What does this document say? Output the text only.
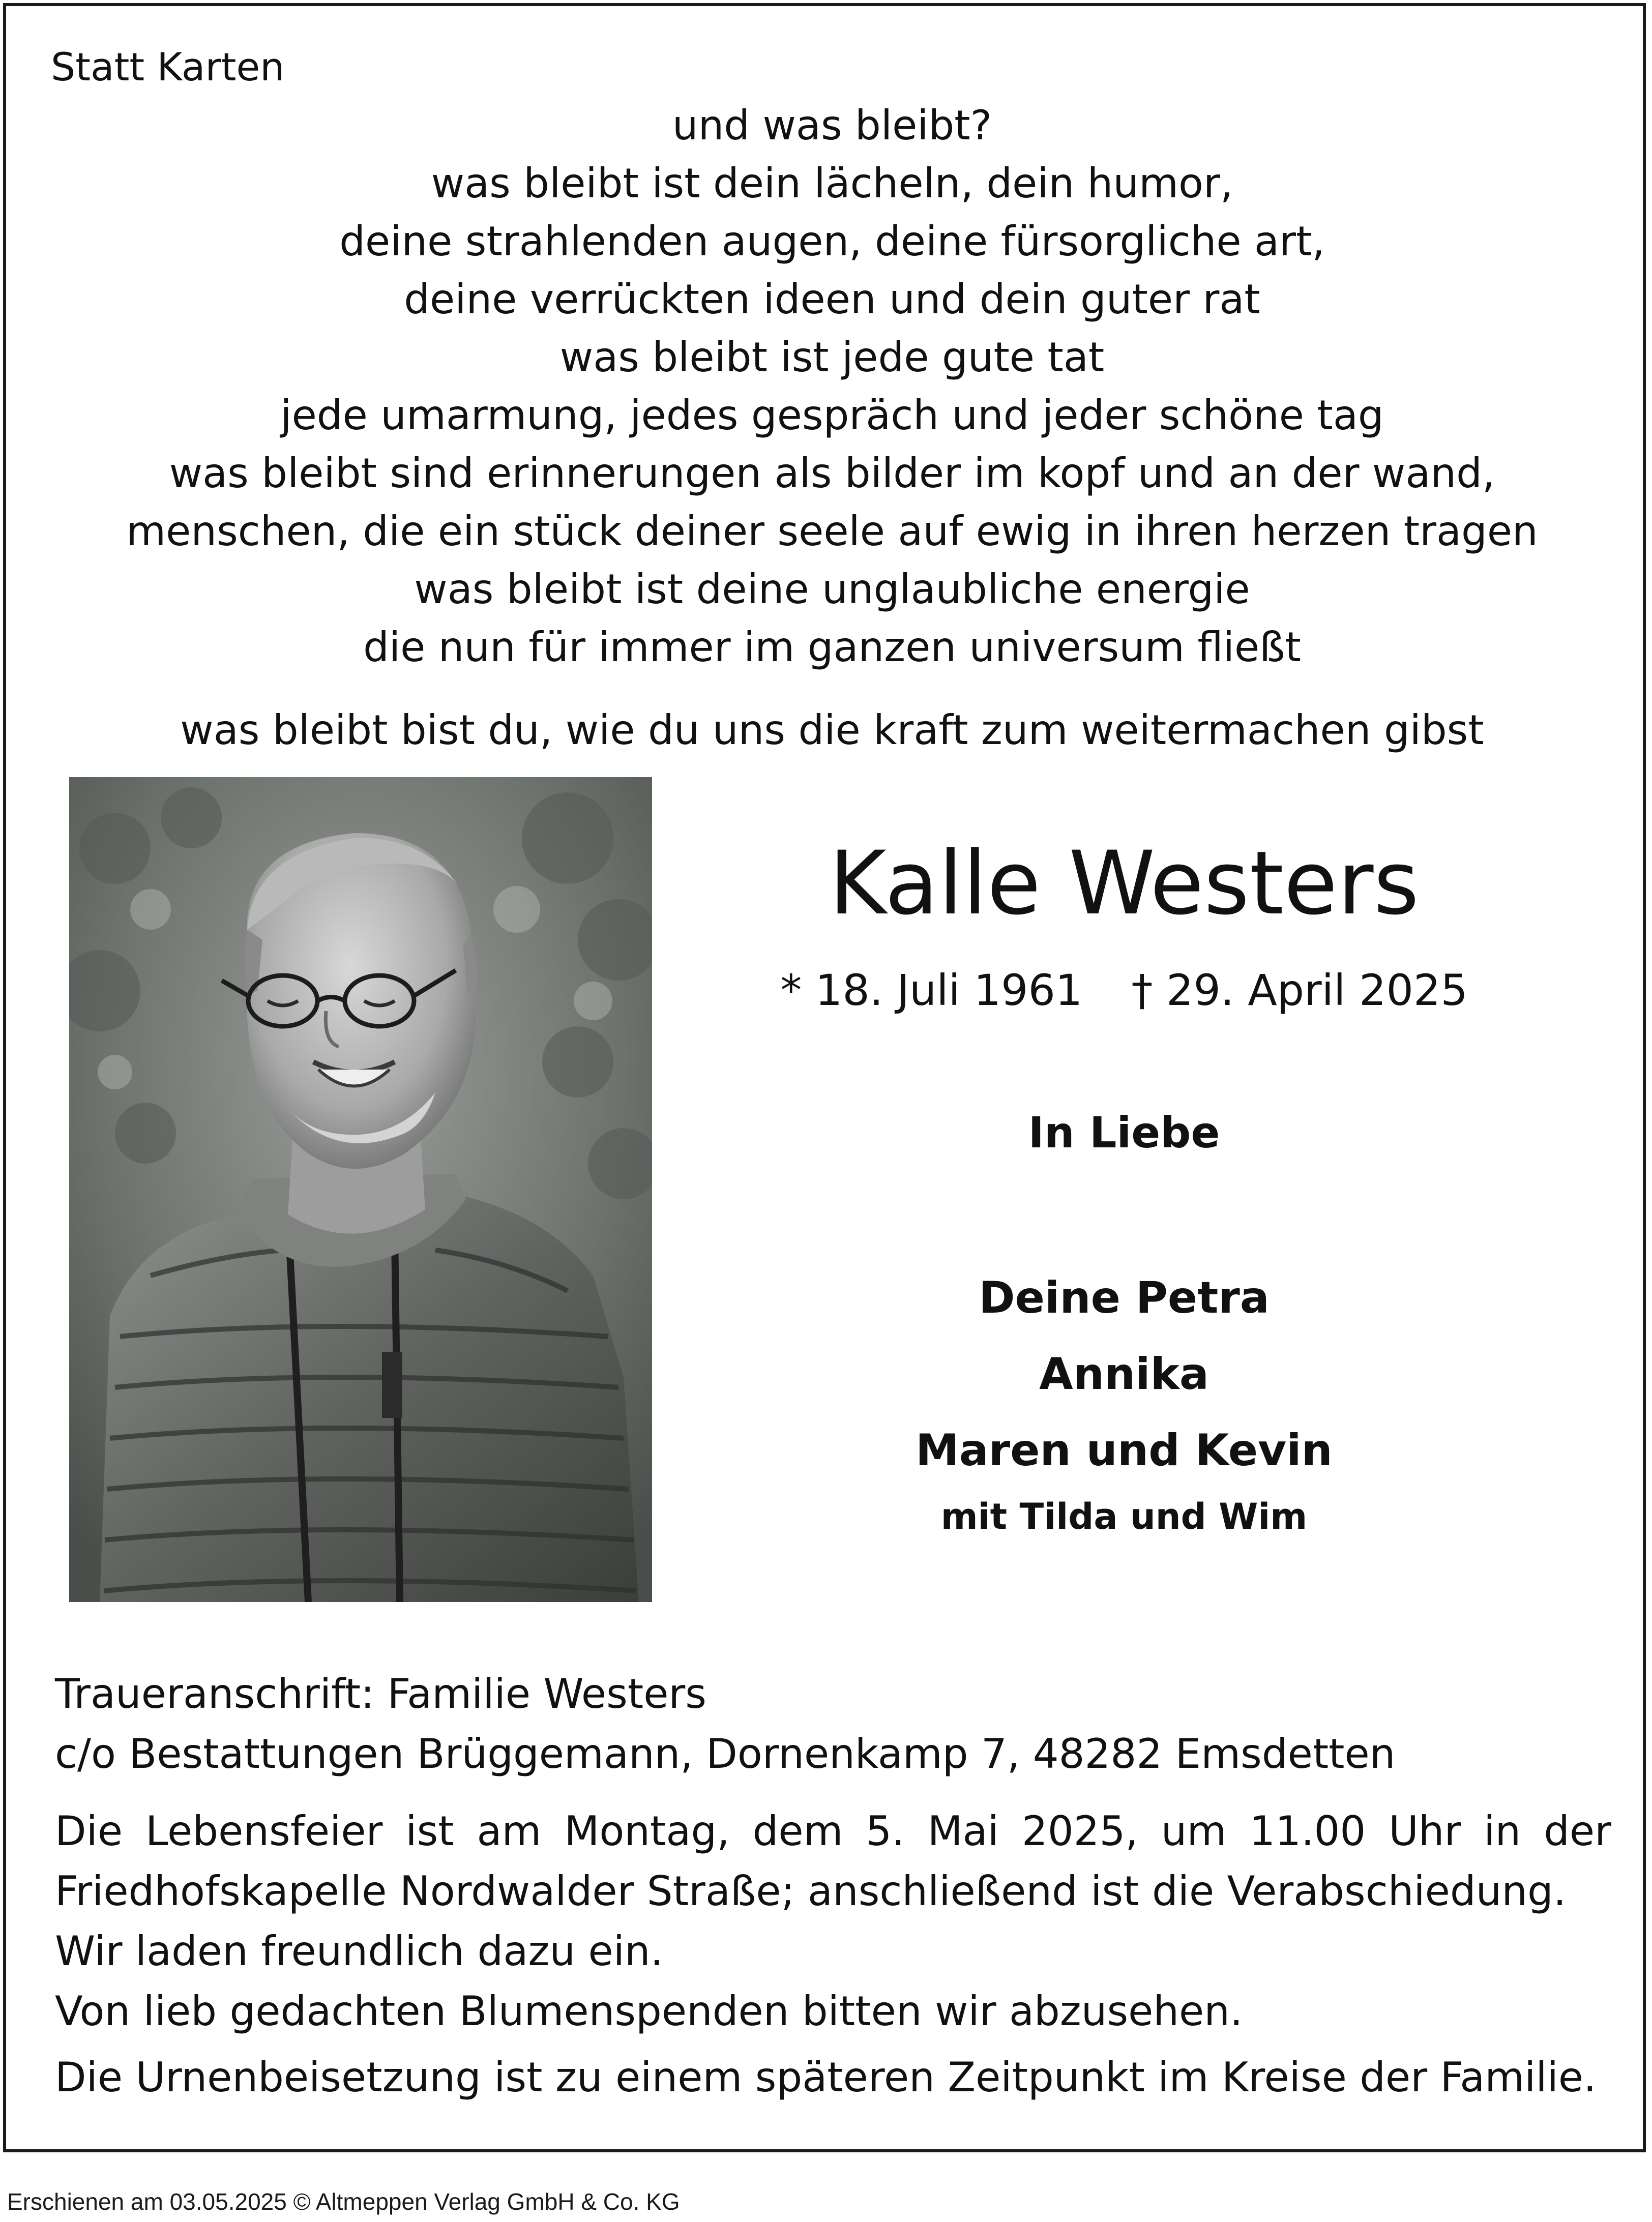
Statt Karten
und was bleibt?
was bleibt ist dein lächeln, dein humor,
deine strahlenden augen, deine fürsorgliche art,
deine verrückten ideen und dein guter rat
was bleibt ist jede gute tat
jede umarmung, jedes gespräch und jeder schöne tag
was bleibt sind erinnerungen als bilder im kopf und an der wand,
menschen, die ein stück deiner seele auf ewig in ihren herzen tragen
was bleibt ist deine unglaubliche energie
die nun für immer im ganzen universum fließt
was bleibt bist du, wie du uns die kraft zum weitermachen gibst
Kalle Westers
* 18. Juli 1961 † 29. April 2025
In Liebe
Deine Petra
Annika
Maren und Kevin
mit Tilda und Wim
Traueranschrift: Familie Westers
c/o Bestattungen Brüggemann, Dornenkamp 7, 48282 Emsdetten
Die Lebensfeier ist am Montag, dem 5. Mai 2025, um 11.00 Uhr in der Friedhofskapelle Nordwalder Straße; anschließend ist die Verabschiedung.
Wir laden freundlich dazu ein.
Von lieb gedachten Blumenspenden bitten wir abzusehen.
Die Urnenbeisetzung ist zu einem späteren Zeitpunkt im Kreise der Familie.
Erschienen am 03.05.2025 © Altmeppen Verlag GmbH & Co. KG
